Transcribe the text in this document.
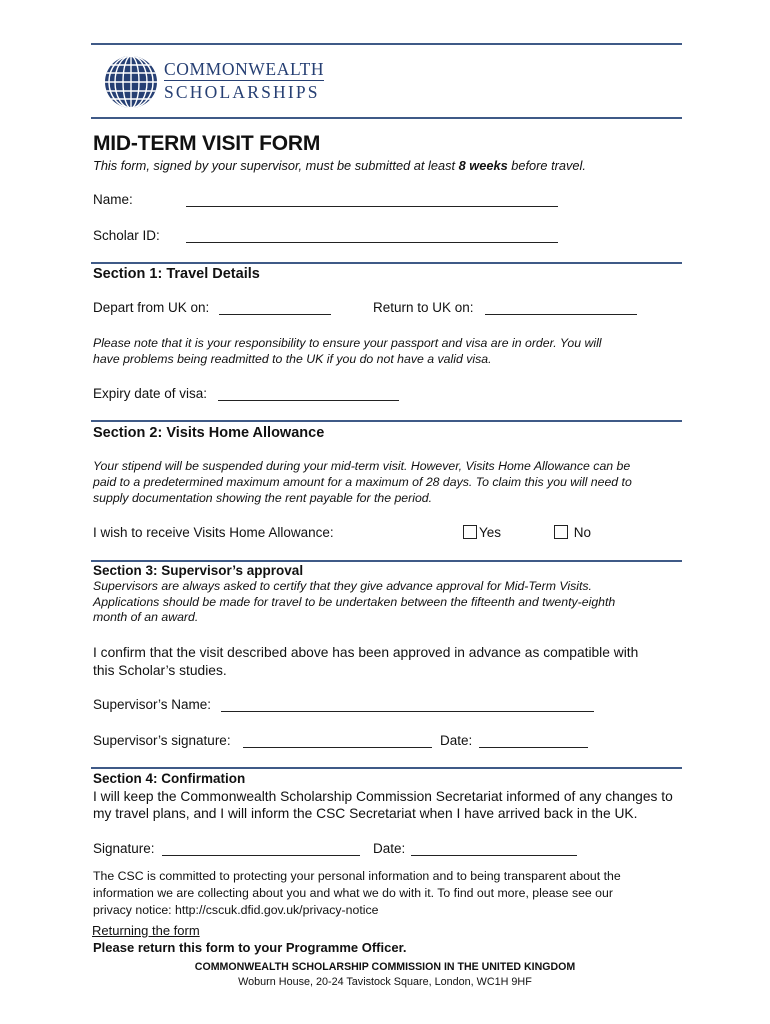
COMMONWEALTH
SCHOLARSHIPS
MID-TERM VISIT FORM
This form, signed by your supervisor, must be submitted at least 8 weeks before travel.
Name:
Scholar ID:
Section 1: Travel Details
Depart from UK on:	Return to UK on:
Please note that it is your responsibility to ensure your passport and visa are in order. You will
have problems being readmitted to the UK if you do not have a valid visa.
Expiry date of visa:
Section 2: Visits Home Allowance
Your stipend will be suspended during your mid-term visit. However, Visits Home Allowance can be
paid to a predetermined maximum amount for a maximum of 28 days. To claim this you will need to
supply documentation showing the rent payable for the period.
I wish to receive Visits Home Allowance:	Yes	No
Section 3: Supervisor’s approval
Supervisors are always asked to certify that they give advance approval for Mid-Term Visits.
Applications should be made for travel to be undertaken between the fifteenth and twenty-eighth
month of an award.
I confirm that the visit described above has been approved in advance as compatible with
this Scholar’s studies.
Supervisor’s Name:
Supervisor’s signature:	Date:
Section 4: Confirmation
I will keep the Commonwealth Scholarship Commission Secretariat informed of any changes to
my travel plans, and I will inform the CSC Secretariat when I have arrived back in the UK.
Signature:	Date:
The CSC is committed to protecting your personal information and to being transparent about the
information we are collecting about you and what we do with it. To find out more, please see our
privacy notice: http://cscuk.dfid.gov.uk/privacy-notice
Returning the form
Please return this form to your Programme Officer.
COMMONWEALTH SCHOLARSHIP COMMISSION IN THE UNITED KINGDOM
Woburn House, 20-24 Tavistock Square, London, WC1H 9HF
